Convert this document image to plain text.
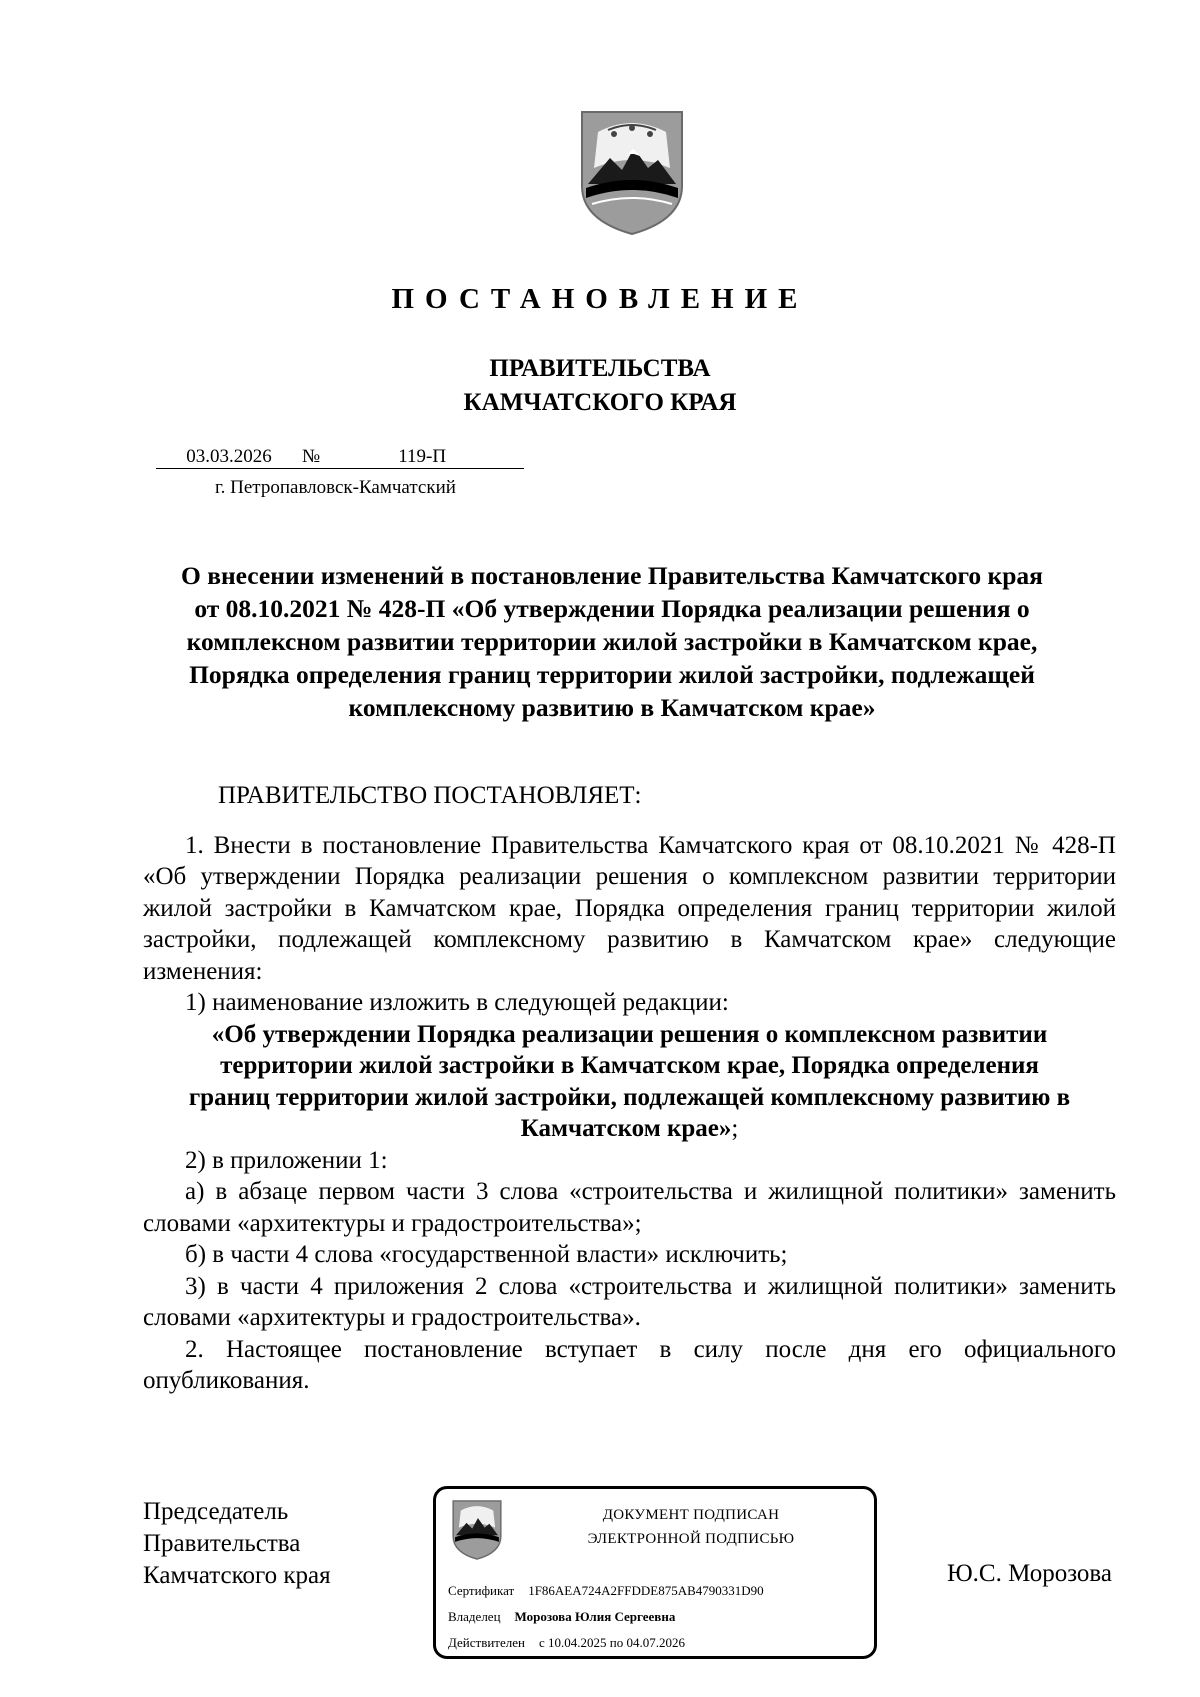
ПОСТАНОВЛЕНИЕ
ПРАВИТЕЛЬСТВА
КАМЧАТСКОГО КРАЯ
03.03.2026 №	119-П
г. Петропавловск-Камчатский
О внесении изменений в постановление Правительства Камчатского края
от 08.10.2021 № 428-П «Об утверждении Порядка реализации решения о
комплексном развитии территории жилой застройки в Камчатском крае,
Порядка определения границ территории жилой застройки, подлежащей
комплексному развитию в Камчатском крае»
ПРАВИТЕЛЬСТВО ПОСТАНОВЛЯЕТ:

1. Внести в постановление Правительства Камчатского края от 08.10.2021 № 428-П «Об утверждении Порядка реализации решения о комплексном развитии территории жилой застройки в Камчатском крае, Порядка определения границ территории жилой застройки, подлежащей комплексному развитию в Камчатском крае» следующие изменения:

1) наименование изложить в следующей редакции:

«Об утверждении Порядка реализации решения о комплексном развитии
территории жилой застройки в Камчатском крае, Порядка определения
границ территории жилой застройки, подлежащей комплексному развитию в
Камчатском крае»;

2) в приложении 1:

а) в абзаце первом части 3 слова «строительства и жилищной политики» заменить словами «архитектуры и градостроительства»;

б) в части 4 слова «государственной власти» исключить;

3) в части 4 приложения 2 слова «строительства и жилищной политики» заменить словами «архитектуры и градостроительства».

2. Настоящее постановление вступает в силу после дня его официального опубликования.

Председатель
Правительства
Камчатского края
ДОКУМЕНТ ПОДПИСАН
ЭЛЕКТРОННОЙ ПОДПИСЬЮ
Сертификат 1F86AEA724A2FFDDE875AB4790331D90
Владелец Морозова Юлия Сергеевна
Действителен с 10.04.2025 по 04.07.2026
Ю.С. Морозова
